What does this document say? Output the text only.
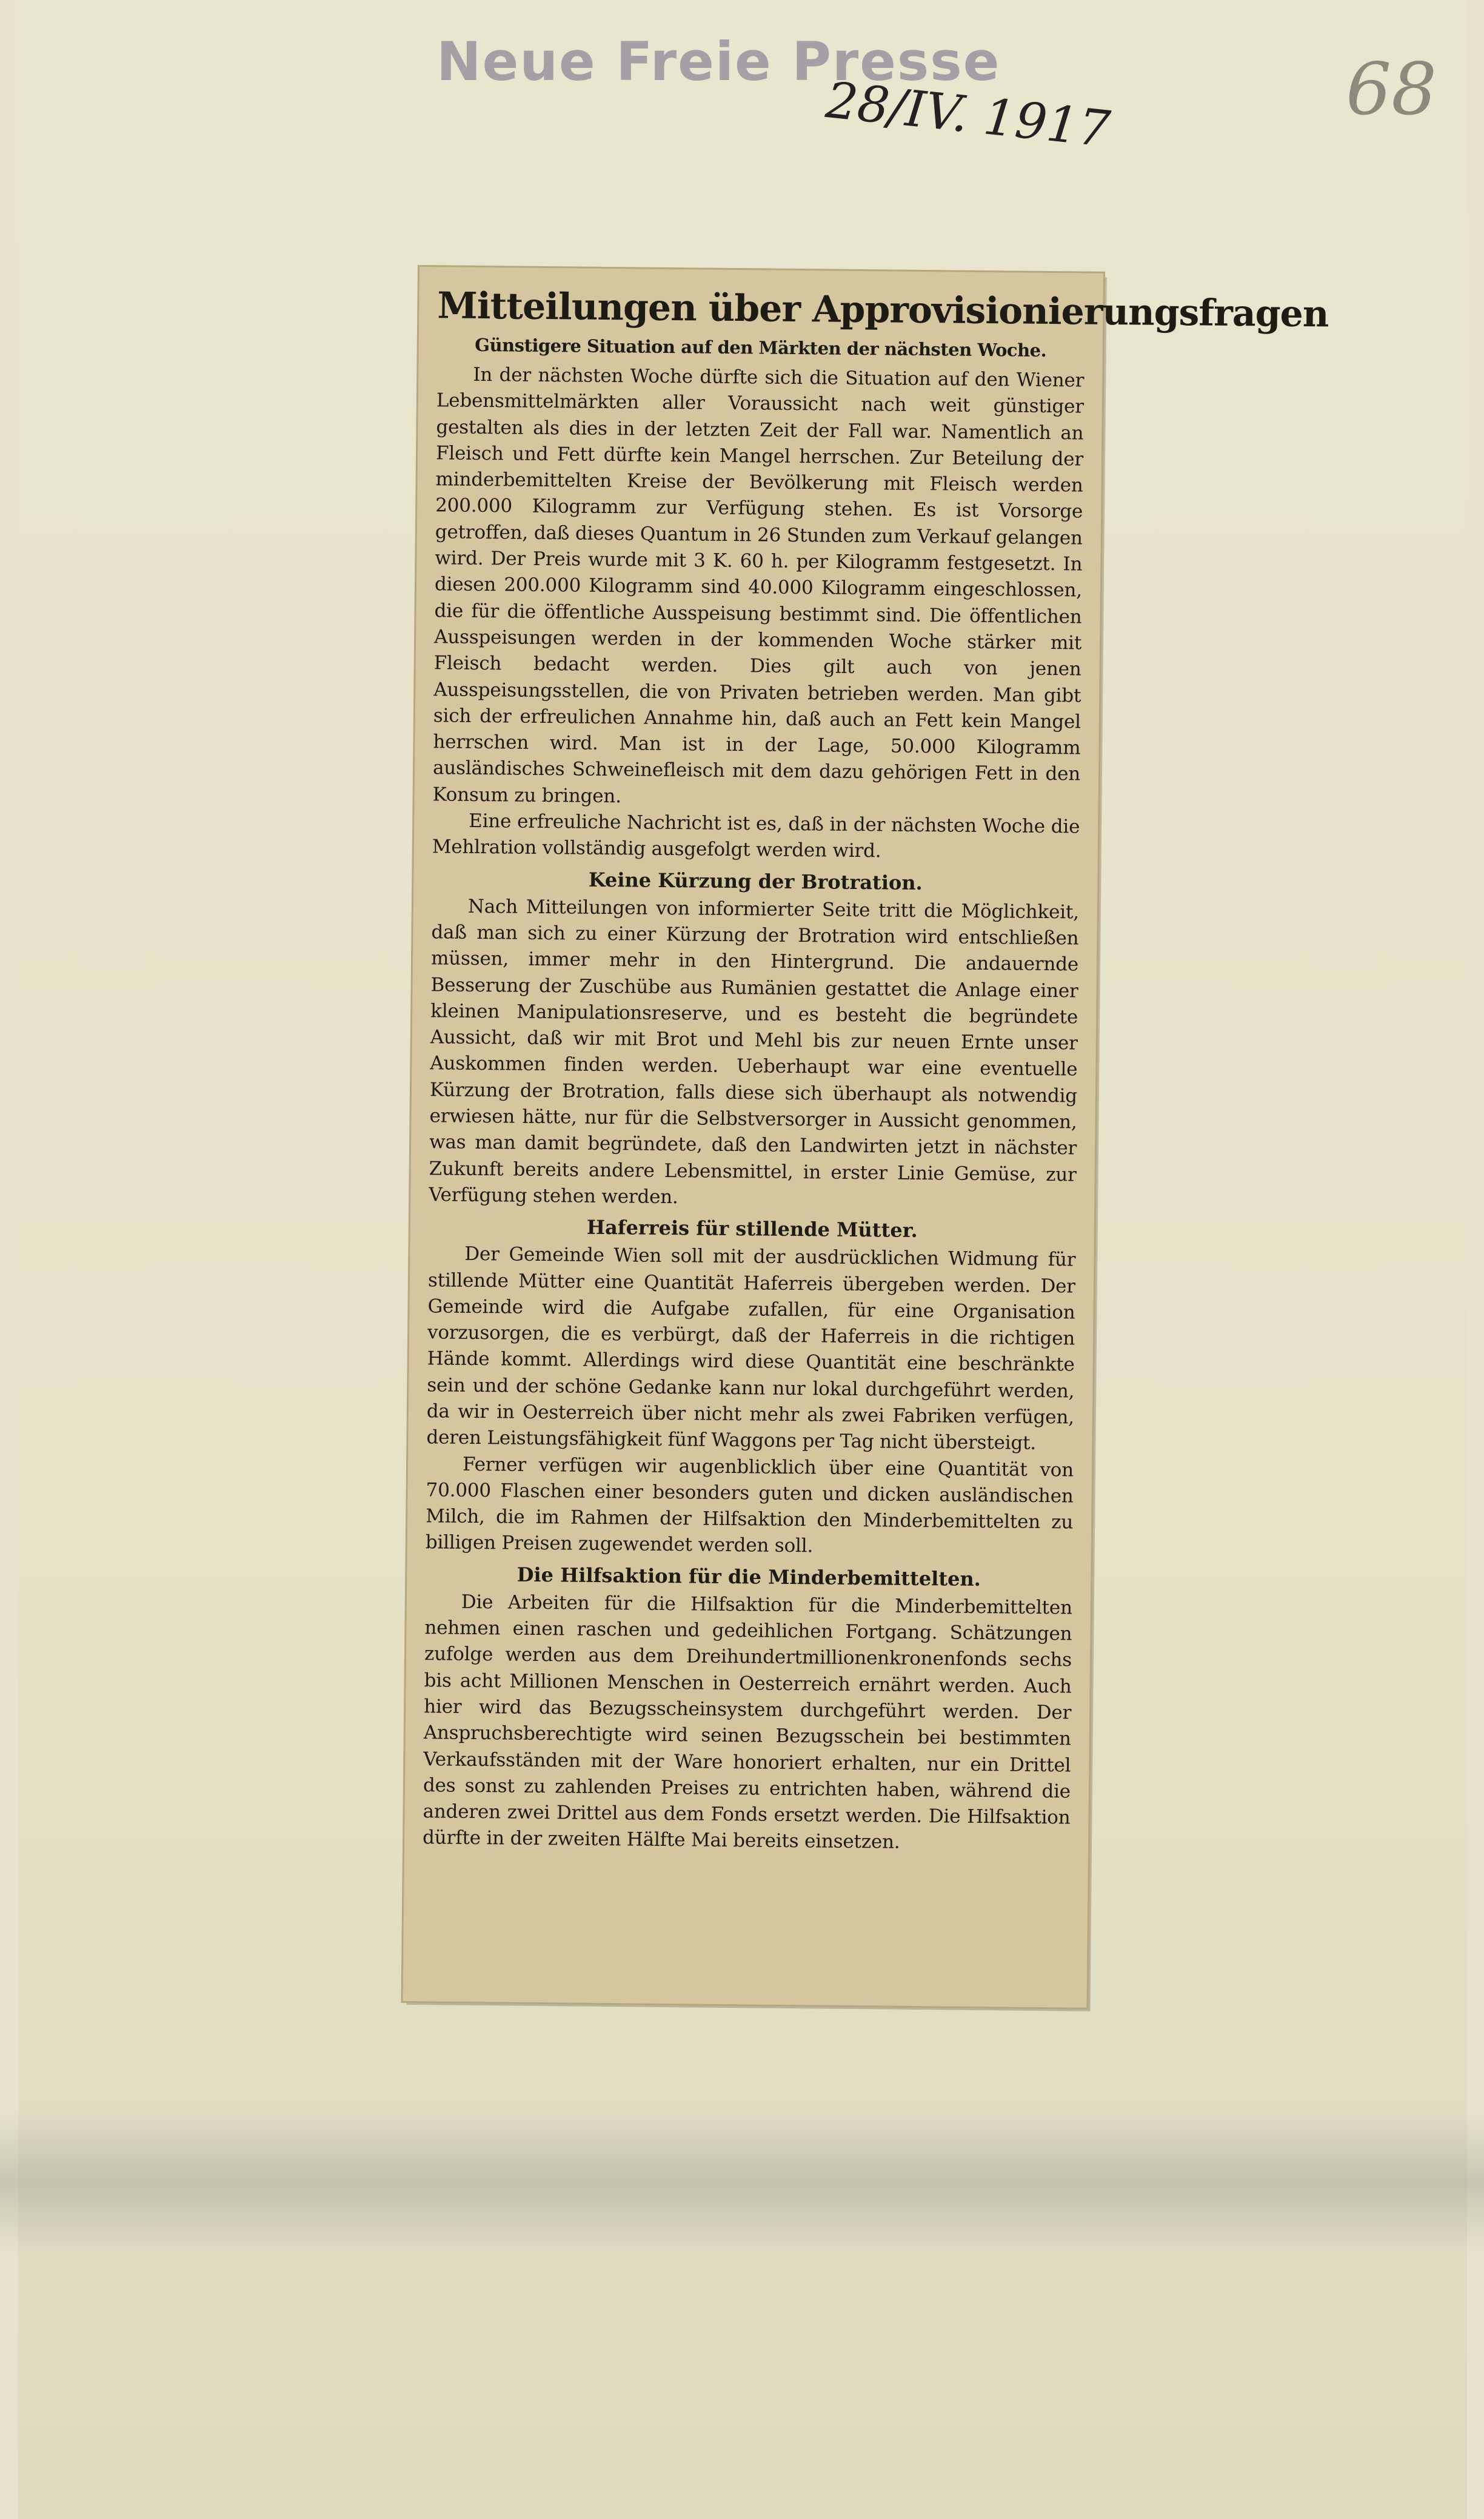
Neue Freie Presse
28/IV. 1917	68
Mitteilungen über Approvisionierungsfragen
Günstigere Situation auf den Märkten der nächsten Woche.

In der nächsten Woche dürfte sich die Situation auf den Wiener Lebensmittelmärkten aller Voraussicht nach weit günstiger gestalten als dies in der letzten Zeit der Fall war. Namentlich an Fleisch und Fett dürfte kein Mangel herrschen. Zur Beteilung der minderbemittelten Kreise der Bevölkerung mit Fleisch werden 200.000 Kilogramm zur Verfügung stehen. Es ist Vorsorge getroffen, daß dieses Quantum in 26 Stunden zum Verkauf gelangen wird. Der Preis wurde mit 3 K. 60 h. per Kilogramm festgesetzt. In diesen 200.000 Kilogramm sind 40.000 Kilogramm eingeschlossen, die für die öffentliche Ausspeisung bestimmt sind. Die öffentlichen Ausspeisungen werden in der kommenden Woche stärker mit Fleisch bedacht werden. Dies gilt auch von jenen Ausspeisungsstellen, die von Privaten betrieben werden. Man gibt sich der erfreulichen Annahme hin, daß auch an Fett kein Mangel herrschen wird. Man ist in der Lage, 50.000 Kilogramm ausländisches Schweinefleisch mit dem dazu gehörigen Fett in den Konsum zu bringen.

Eine erfreuliche Nachricht ist es, daß in der nächsten Woche die Mehlration vollständig ausgefolgt werden wird.

Keine Kürzung der Brotration.

Nach Mitteilungen von informierter Seite tritt die Möglichkeit, daß man sich zu einer Kürzung der Brotration wird entschließen müssen, immer mehr in den Hintergrund. Die andauernde Besserung der Zuschübe aus Rumänien gestattet die Anlage einer kleinen Manipulationsreserve, und es besteht die begründete Aussicht, daß wir mit Brot und Mehl bis zur neuen Ernte unser Auskommen finden werden. Ueberhaupt war eine eventuelle Kürzung der Brotration, falls diese sich überhaupt als notwendig erwiesen hätte, nur für die Selbstversorger in Aussicht genommen, was man damit begründete, daß den Landwirten jetzt in nächster Zukunft bereits andere Lebensmittel, in erster Linie Gemüse, zur Verfügung stehen werden.

Haferreis für stillende Mütter.

Der Gemeinde Wien soll mit der ausdrücklichen Widmung für stillende Mütter eine Quantität Haferreis übergeben werden. Der Gemeinde wird die Aufgabe zufallen, für eine Organisation vorzusorgen, die es verbürgt, daß der Haferreis in die richtigen Hände kommt. Allerdings wird diese Quantität eine beschränkte sein und der schöne Gedanke kann nur lokal durchgeführt werden, da wir in Oesterreich über nicht mehr als zwei Fabriken verfügen, deren Leistungsfähigkeit fünf Waggons per Tag nicht übersteigt.

Ferner verfügen wir augenblicklich über eine Quantität von 70.000 Flaschen einer besonders guten und dicken ausländischen Milch, die im Rahmen der Hilfsaktion den Minderbemittelten zu billigen Preisen zugewendet werden soll.

Die Hilfsaktion für die Minderbemittelten.

Die Arbeiten für die Hilfsaktion für die Minderbemittelten nehmen einen raschen und gedeihlichen Fortgang. Schätzungen zufolge werden aus dem Dreihundertmillionenkronenfonds sechs bis acht Millionen Menschen in Oesterreich ernährt werden. Auch hier wird das Bezugsscheinsystem durchgeführt werden. Der Anspruchsberechtigte wird seinen Bezugsschein bei bestimmten Verkaufsständen mit der Ware honoriert erhalten, nur ein Drittel des sonst zu zahlenden Preises zu entrichten haben, während die anderen zwei Drittel aus dem Fonds ersetzt werden. Die Hilfsaktion dürfte in der zweiten Hälfte Mai bereits einsetzen.
